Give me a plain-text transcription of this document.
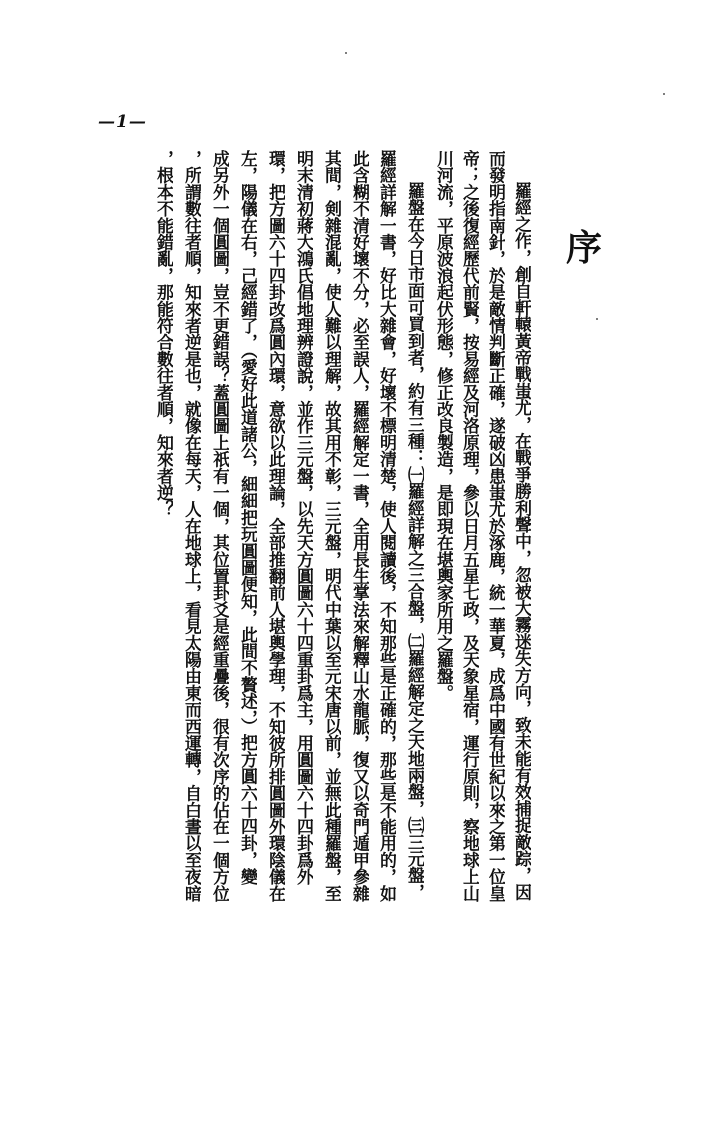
—1—
序
羅經之作，創自軒轅黃帝戰蚩尤，在戰爭勝利聲中，忽被大霧迷失方向，致未能有效捕捉敵踪，因
而發明指南針，於是敵情判斷正確，遂破凶患蚩尤於涿鹿，統一華夏，成爲中國有世紀以來之第一位皇
帝；之後復經歷代前賢，按易經及河洛原理，參以日月五星七政，及天象星宿，運行原則，察地球上山
川河流，平原波浪起伏形態，修正改良製造，是即現在堪輿家所用之羅盤。
羅盤在今日市面可買到者，約有三種：㈠羅經詳解之三合盤，㈡羅經解定之天地兩盤，㈢三元盤，
羅經詳解一書，好比大雜會，好壞不標明清楚，使人閱讀後，不知那些是正確的，那些是不能用的，如
此含糊不清好壞不分，必至誤人，羅經解定一書，全用長生掌法來解釋山水龍脈，復又以奇門遁甲參雜
其間，剣雜混亂，使人難以理解，故其用不彰，三元盤，明代中葉以至元宋唐以前，並無此種羅盤，至
明末清初蔣大鴻氏倡地理辨證說，並作三元盤，以先天方圓圖六十四重卦爲主，用圓圖六十四卦爲外
環，把方圖六十四卦改爲圓內環，意欲以此理論，全部推翻前人堪輿學理，不知彼所排圓圖外環陰儀在
左，陽儀在右，己經錯了，（愛好此道諸公，細細把玩圓圖便知，此間不贅述，）把方圓六十四卦，變
成另外一個圓圖，豈不更錯誤？蓋圓圖上祇有一個，其位置卦爻是經重疊後，很有次序的佔在一個方位
，所謂數往者順，知來者逆是也，就像在每天，人在地球上，看見太陽由東而西運轉，自白晝以至夜暗
，根本不能錯亂，那能符合數往者順，知來者逆？
